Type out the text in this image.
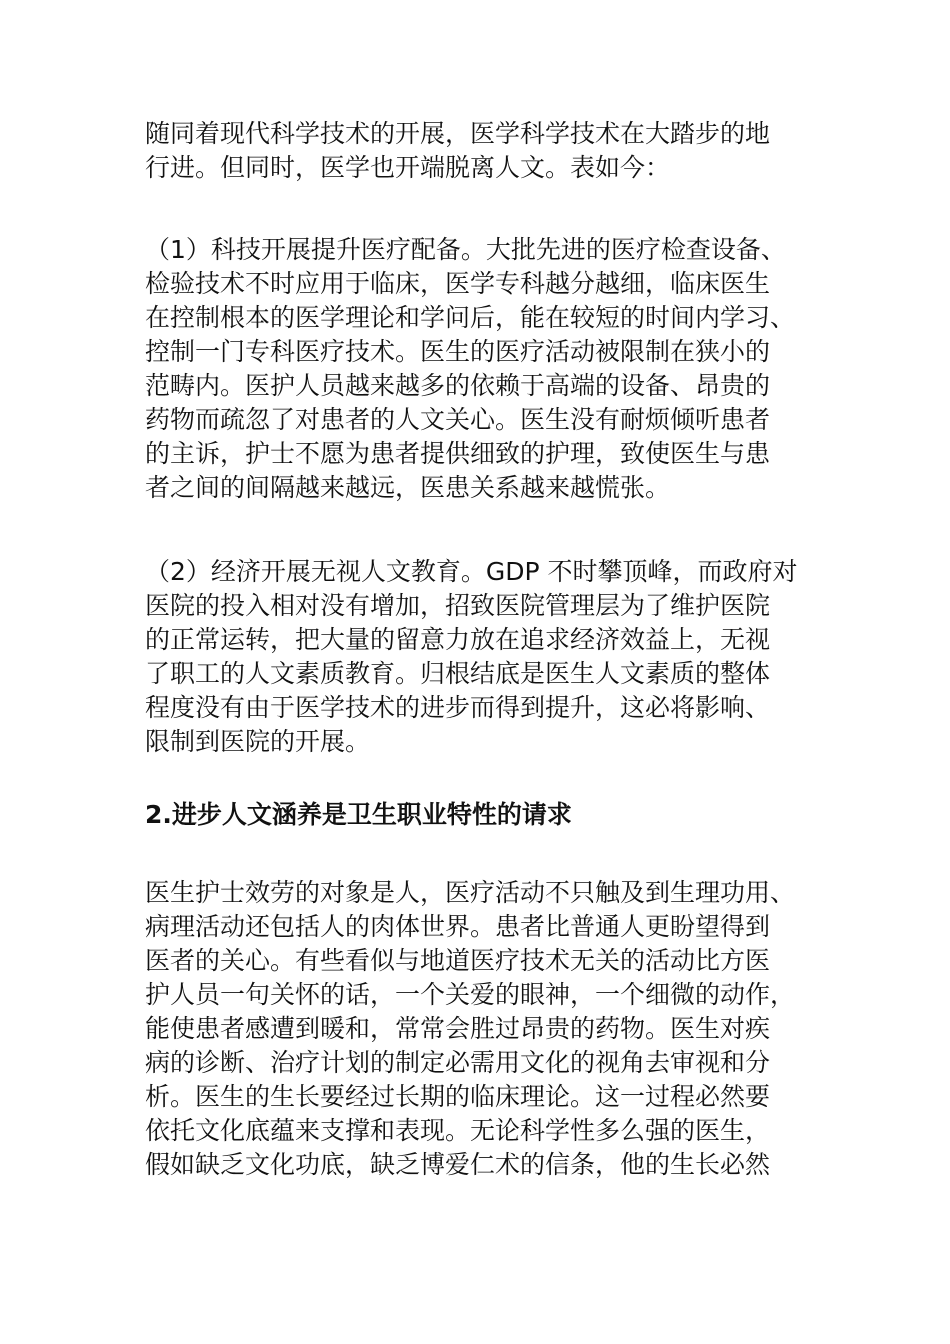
随同着现代科学技术的开展，医学科学技术在大踏步的地
行进。但同时，医学也开端脱离人文。表如今：
（1）科技开展提升医疗配备。大批先进的医疗检查设备、
检验技术不时应用于临床，医学专科越分越细，临床医生
在控制根本的医学理论和学问后，能在较短的时间内学习、
控制一门专科医疗技术。医生的医疗活动被限制在狭小的
范畴内。医护人员越来越多的依赖于高端的设备、昂贵的
药物而疏忽了对患者的人文关心。医生没有耐烦倾听患者
的主诉，护士不愿为患者提供细致的护理，致使医生与患
者之间的间隔越来越远，医患关系越来越慌张。
（2）经济开展无视人文教育。GDP 不时攀顶峰，而政府对
医院的投入相对没有增加，招致医院管理层为了维护医院
的正常运转，把大量的留意力放在追求经济效益上，无视
了职工的人文素质教育。归根结底是医生人文素质的整体
程度没有由于医学技术的进步而得到提升，这必将影响、
限制到医院的开展。
2.进步人文涵养是卫生职业特性的请求
医生护士效劳的对象是人，医疗活动不只触及到生理功用、
病理活动还包括人的肉体世界。患者比普通人更盼望得到
医者的关心。有些看似与地道医疗技术无关的活动比方医
护人员一句关怀的话，一个关爱的眼神，一个细微的动作，
能使患者感遭到暖和，常常会胜过昂贵的药物。医生对疾
病的诊断、治疗计划的制定必需用文化的视角去审视和分
析。医生的生长要经过长期的临床理论。这一过程必然要
依托文化底蕴来支撑和表现。无论科学性多么强的医生，
假如缺乏文化功底，缺乏博爱仁术的信条，他的生长必然
